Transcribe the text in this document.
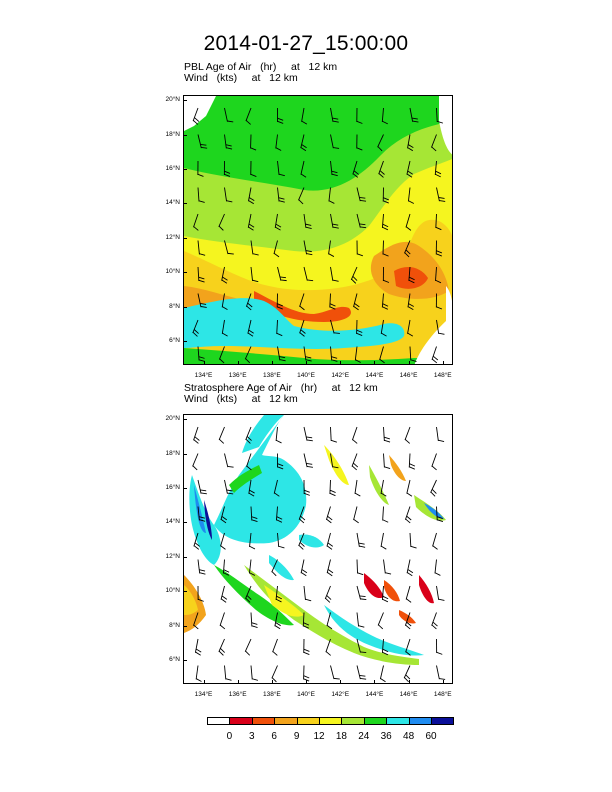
2014-01-27_15:00:00
PBL Age of Air   (hr)     at   12 km
Wind   (kts)     at   12 km
6°N
8°N
10°N
12°N
14°N
16°N
18°N
20°N
134°E	136°E	138°E	140°E	142°E	144°E	146°E	148°E
Stratosphere Age of Air   (hr)     at   12 km
Wind   (kts)     at   12 km
6°N
8°N
10°N
12°N
14°N
16°N
18°N
20°N
134°E	136°E	138°E	140°E	142°E	144°E	146°E	148°E
0	3	6	9	12	18	24	36	48	60
